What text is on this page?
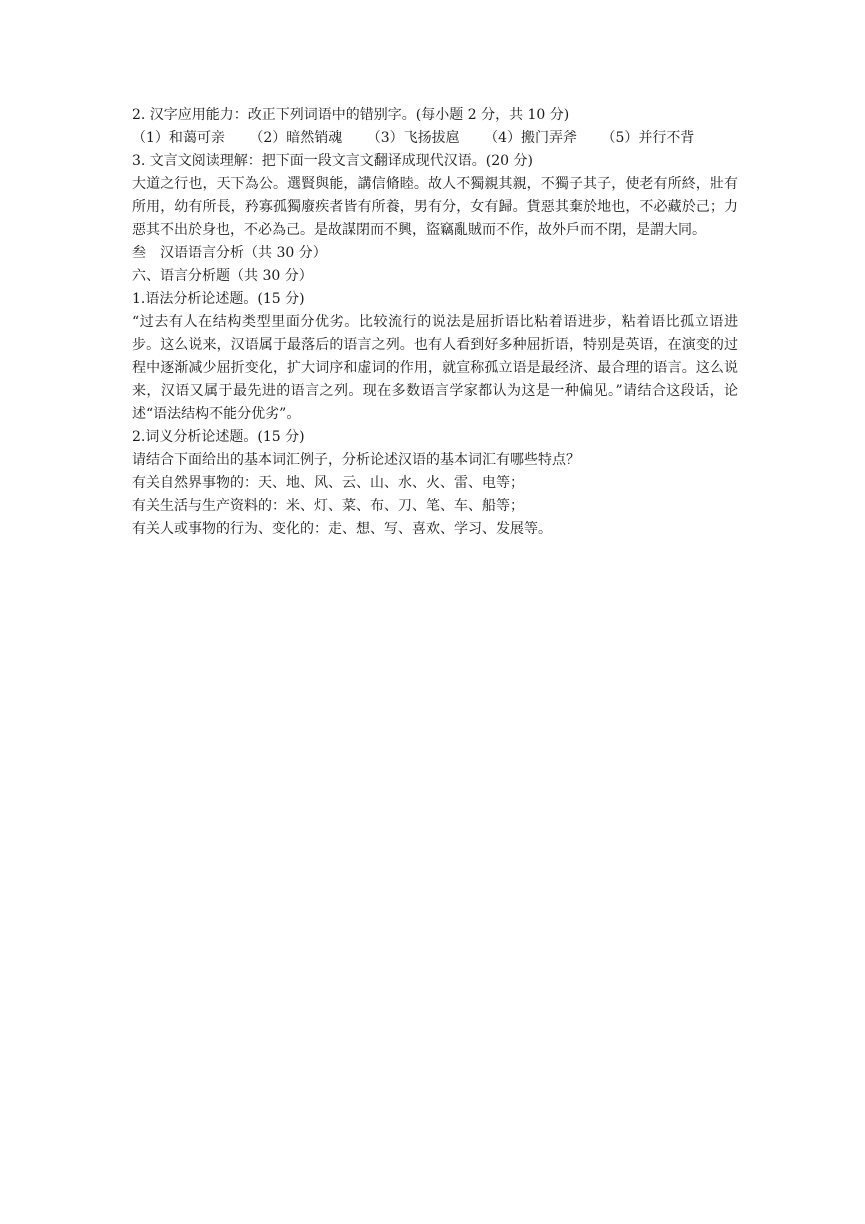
2. 汉字应用能力：改正下列词语中的错别字。(每小题 2 分，共 10 分)

（1）和蔼可亲 （2）暗然销魂 （3）飞扬拔扈 （4）搬门弄斧 （5）并行不背

3. 文言文阅读理解：把下面一段文言文翻译成现代汉语。(20 分)

大道之行也，天下為公。選賢與能，講信脩睦。故人不獨親其親，不獨子其子，使老有所終，壯有所用，幼有所長，矜寡孤獨廢疾者皆有所養，男有分，女有歸。貨惡其棄於地也，不必藏於己；力惡其不出於身也，不必為己。是故謀閉而不興，盜竊亂賊而不作，故外戶而不閉，是謂大同。

叁 汉语语言分析（共 30 分）

六、语言分析题（共 30 分）

1.语法分析论述题。(15 分)

“过去有人在结构类型里面分优劣。比较流行的说法是屈折语比粘着语进步，粘着语比孤立语进步。这么说来，汉语属于最落后的语言之列。也有人看到好多种屈折语，特别是英语，在演变的过程中逐渐减少屈折变化，扩大词序和虚词的作用，就宣称孤立语是最经济、最合理的语言。这么说来，汉语又属于最先进的语言之列。现在多数语言学家都认为这是一种偏见。”请结合这段话，论述“语法结构不能分优劣”。

2.词义分析论述题。(15 分)

请结合下面给出的基本词汇例子，分析论述汉语的基本词汇有哪些特点？

有关自然界事物的：天、地、风、云、山、水、火、雷、电等；

有关生活与生产资料的：米、灯、菜、布、刀、笔、车、船等；

有关人或事物的行为、变化的：走、想、写、喜欢、学习、发展等。
